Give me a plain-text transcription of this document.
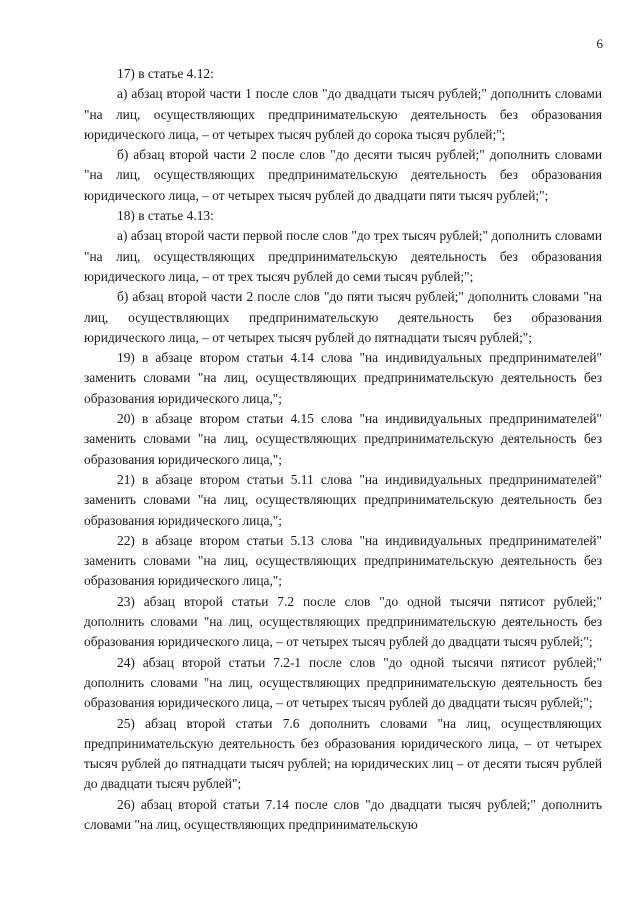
6

17) в статье 4.12:

а) абзац второй части 1 после слов "до двадцати тысяч рублей;" дополнить словами "на лиц, осуществляющих предпринимательскую деятельность без образования юридического лица, – от четырех тысяч рублей до сорока тысяч рублей;";

б) абзац второй части 2 после слов "до десяти тысяч рублей;" дополнить словами "на лиц, осуществляющих предпринимательскую деятельность без образования юридического лица, – от четырех тысяч рублей до двадцати пяти тысяч рублей;";

18) в статье 4.13:

а) абзац второй части первой после слов "до трех тысяч рублей;" дополнить словами "на лиц, осуществляющих предпринимательскую деятельность без образования юридического лица, – от трех тысяч рублей до семи тысяч рублей;";

б) абзац второй части 2 после слов "до пяти тысяч рублей;" дополнить словами "на лиц, осуществляющих предпринимательскую деятельность без образования юридического лица, – от четырех тысяч рублей до пятнадцати тысяч рублей;";

19) в абзаце втором статьи 4.14 слова "на индивидуальных предпринимателей" заменить словами "на лиц, осуществляющих предпринимательскую деятельность без образования юридического лица,";

20) в абзаце втором статьи 4.15 слова "на индивидуальных предпринимателей" заменить словами "на лиц, осуществляющих предпринимательскую деятельность без образования юридического лица,";

21) в абзаце втором статьи 5.11 слова "на индивидуальных предпринимателей" заменить словами "на лиц, осуществляющих предпринимательскую деятельность без образования юридического лица,";

22) в абзаце втором статьи 5.13 слова "на индивидуальных предпринимателей" заменить словами "на лиц, осуществляющих предпринимательскую деятельность без образования юридического лица,";

23) абзац второй статьи 7.2 после слов "до одной тысячи пятисот рублей;" дополнить словами "на лиц, осуществляющих предпринимательскую деятельность без образования юридического лица, – от четырех тысяч рублей до двадцати тысяч рублей;";

24) абзац второй статьи 7.2-1 после слов "до одной тысячи пятисот рублей;" дополнить словами "на лиц, осуществляющих предпринимательскую деятельность без образования юридического лица, – от четырех тысяч рублей до двадцати тысяч рублей;";

25) абзац второй статьи 7.6 дополнить словами "на лиц, осуществляющих предпринимательскую деятельность без образования юридического лица, – от четырех тысяч рублей до пятнадцати тысяч рублей; на юридических лиц – от десяти тысяч рублей до двадцати тысяч рублей";

26) абзац второй статьи 7.14 после слов "до двадцати тысяч рублей;" дополнить словами "на лиц, осуществляющих предпринимательскую
